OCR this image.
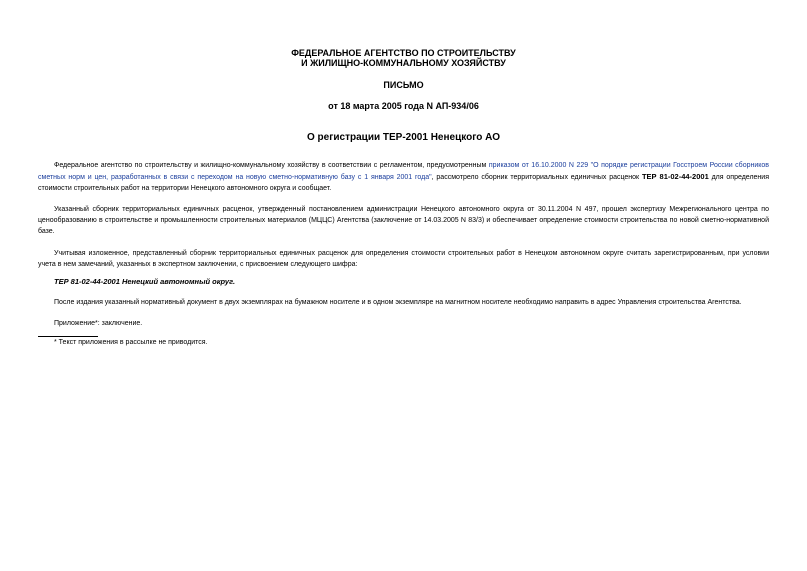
ФЕДЕРАЛЬНОЕ АГЕНТСТВО ПО СТРОИТЕЛЬСТВУ
И ЖИЛИЩНО-КОММУНАЛЬНОМУ ХОЗЯЙСТВУ
ПИСЬМО
от 18 марта 2005 года N АП-934/06
О регистрации ТЕР-2001 Ненецкого АО

Федеральное агентство по строительству и жилищно-коммунальному хозяйству в соответствии с регламентом, предусмотренным приказом от 16.10.2000 N 229 "О порядке регистрации Госстроем России сборников сметных норм и цен, разработанных в связи с переходом на новую сметно-нормативную базу с 1 января 2001 года", рассмотрело сборник территориальных единичных расценок ТЕР 81-02-44-2001 для определения стоимости строительных работ на территории Ненецкого автономного округа и сообщает.

Указанный сборник территориальных единичных расценок, утвержденный постановлением администрации Ненецкого автономного округа от 30.11.2004 N 497, прошел экспертизу Межрегионального центра по ценообразованию в строительстве и промышленности строительных материалов (МЦЦС) Агентства (заключение от 14.03.2005 N 83/3) и обеспечивает определение стоимости строительства по новой сметно-нормативной базе.

Учитывая изложенное, представленный сборник территориальных единичных расценок для определения стоимости строительных работ в Ненецком автономном округе считать зарегистрированным, при условии учета в нем замечаний, указанных в экспертном заключении, с присвоением следующего шифра:

ТЕР 81-02-44-2001 Ненецкий автономный округ.

После издания указанный нормативный документ в двух экземплярах на бумажном носителе и в одном экземпляре на магнитном носителе необходимо направить в адрес Управления строительства Агентства.

Приложение*: заключение.

* Текст приложения в рассылке не приводится.
